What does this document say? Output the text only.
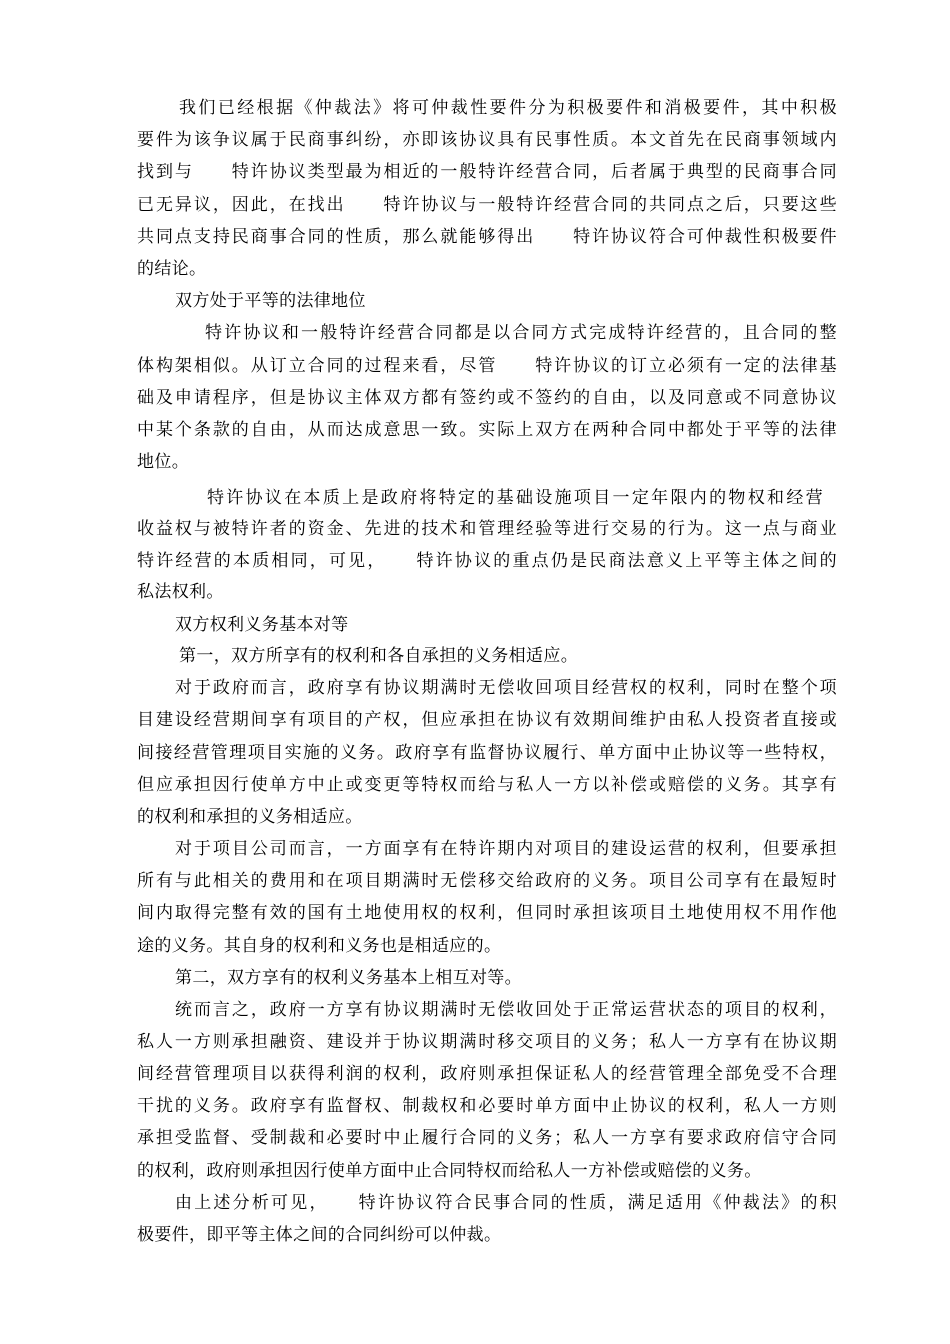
我们已经根据《仲裁法》将可仲裁性要件分为积极要件和消极要件，其中积极
要件为该争议属于民商事纠纷，亦即该协议具有民事性质。本文首先在民商事领域内
找到与　　特许协议类型最为相近的一般特许经营合同，后者属于典型的民商事合同
已无异议，因此，在找出　　特许协议与一般特许经营合同的共同点之后，只要这些
共同点支持民商事合同的性质，那么就能够得出　　特许协议符合可仲裁性积极要件
的结论。
双方处于平等的法律地位
特许协议和一般特许经营合同都是以合同方式完成特许经营的，且合同的整
体构架相似。从订立合同的过程来看，尽管　　特许协议的订立必须有一定的法律基
础及申请程序，但是协议主体双方都有签约或不签约的自由，以及同意或不同意协议
中某个条款的自由，从而达成意思一致。实际上双方在两种合同中都处于平等的法律
地位。
特许协议在本质上是政府将特定的基础设施项目一定年限内的物权和经营
收益权与被特许者的资金、先进的技术和管理经验等进行交易的行为。这一点与商业
特许经营的本质相同，可见，　　特许协议的重点仍是民商法意义上平等主体之间的
私法权利。
双方权利义务基本对等
第一，双方所享有的权利和各自承担的义务相适应。
对于政府而言，政府享有协议期满时无偿收回项目经营权的权利，同时在整个项
目建设经营期间享有项目的产权，但应承担在协议有效期间维护由私人投资者直接或
间接经营管理项目实施的义务。政府享有监督协议履行、单方面中止协议等一些特权，
但应承担因行使单方中止或变更等特权而给与私人一方以补偿或赔偿的义务。其享有
的权利和承担的义务相适应。
对于项目公司而言，一方面享有在特许期内对项目的建设运营的权利，但要承担
所有与此相关的费用和在项目期满时无偿移交给政府的义务。项目公司享有在最短时
间内取得完整有效的国有土地使用权的权利，但同时承担该项目土地使用权不用作他
途的义务。其自身的权利和义务也是相适应的。
第二，双方享有的权利义务基本上相互对等。
统而言之，政府一方享有协议期满时无偿收回处于正常运营状态的项目的权利，
私人一方则承担融资、建设并于协议期满时移交项目的义务；私人一方享有在协议期
间经营管理项目以获得利润的权利，政府则承担保证私人的经营管理全部免受不合理
干扰的义务。政府享有监督权、制裁权和必要时单方面中止协议的权利，私人一方则
承担受监督、受制裁和必要时中止履行合同的义务；私人一方享有要求政府信守合同
的权利，政府则承担因行使单方面中止合同特权而给私人一方补偿或赔偿的义务。
由上述分析可见，　　特许协议符合民事合同的性质，满足适用《仲裁法》的积
极要件，即平等主体之间的合同纠纷可以仲裁。
